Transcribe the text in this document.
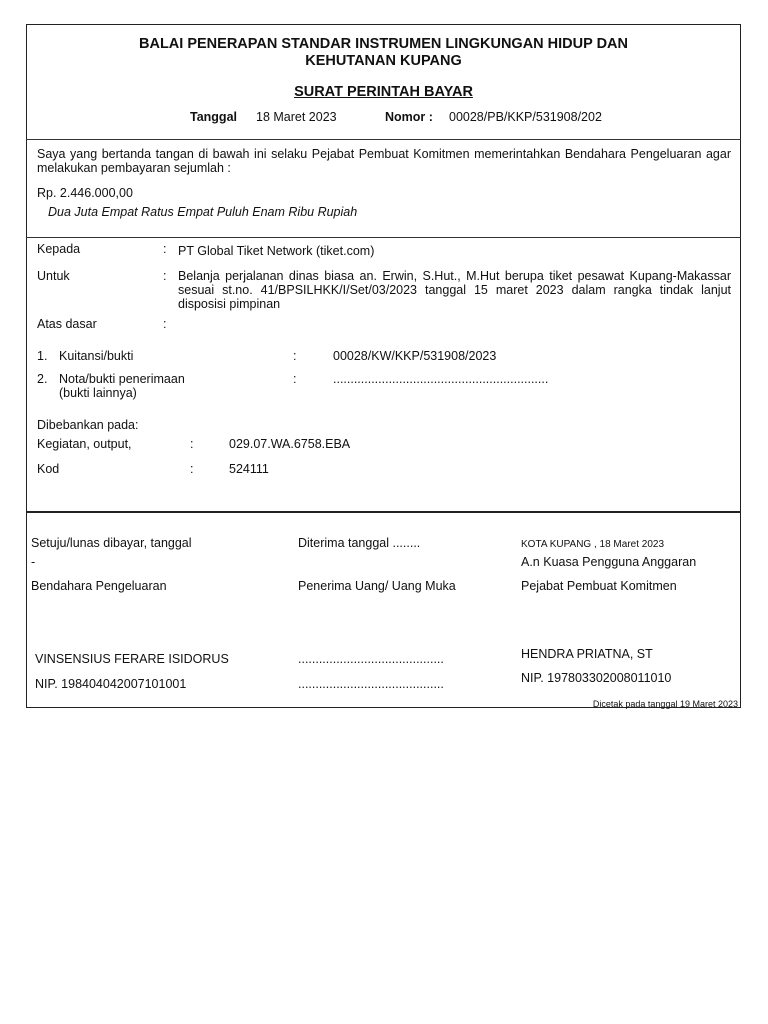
BALAI PENERAPAN STANDAR INSTRUMEN LINGKUNGAN HIDUP DAN
KEHUTANAN KUPANG
SURAT PERINTAH BAYAR
Tanggal 18 Maret 2023	Nomor : 00028/PB/KKP/531908/202
Saya yang bertanda tangan di bawah ini selaku Pejabat Pembuat Komitmen memerintahkan Bendahara Pengeluaran agar melakukan pembayaran sejumlah :
Rp. 2.446.000,00
Dua Juta Empat Ratus Empat Puluh Enam Ribu Rupiah
Kepada	: PT Global Tiket Network (tiket.com)
Untuk	: Belanja perjalanan dinas biasa an. Erwin, S.Hut., M.Hut berupa tiket pesawat Kupang-Makassar sesuai st.no. 41/BPSILHKK/I/Set/03/2023 tanggal 15 maret 2023 dalam rangka tindak lanjut disposisi pimpinan
Atas dasar	:
1. Kuitansi/bukti	:	00028/KW/KKP/531908/2023
2. Nota/bukti penerimaan
(bukti lainnya)
:	..............................................................
Dibebankan pada:
Kegiatan, output,	:	029.07.WA.6758.EBA
Kod	:	524111
Setuju/lunas dibayar, tanggal
-
Bendahara Pengeluaran
VINSENSIUS FERARE ISIDORUS
NIP. 198404042007101001
Diterima tanggal ........
Penerima Uang/ Uang Muka
..........................................
..........................................
KOTA KUPANG , 18 Maret 2023
A.n Kuasa Pengguna Anggaran
Pejabat Pembuat Komitmen
HENDRA PRIATNA, ST
NIP. 197803302008011010
Dicetak pada tanggal 19 Maret 2023
